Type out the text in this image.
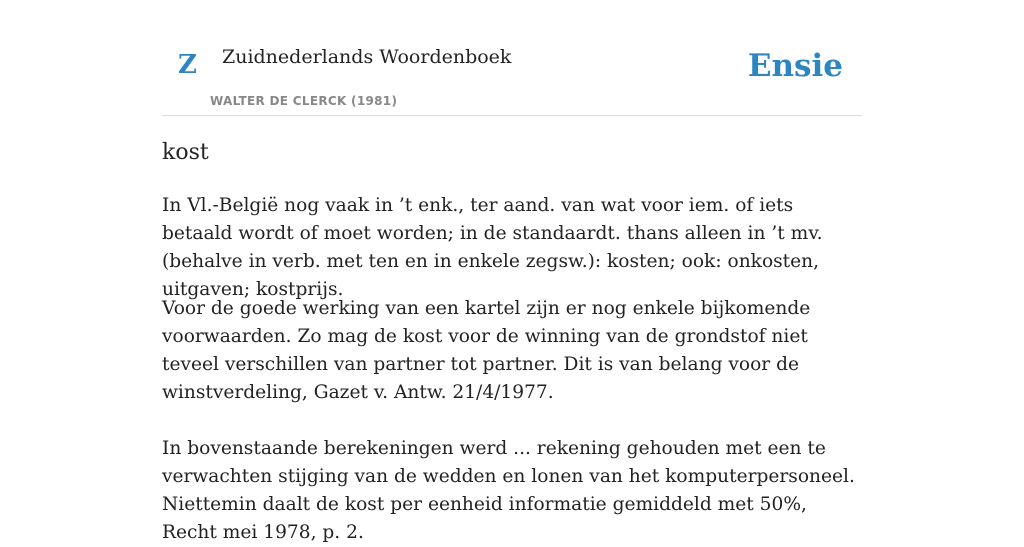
Z Zuidnederlands Woordenboek
WALTER DE CLERCK (1981)
Ensie
kost
In Vl.-België nog vaak in ’t enk., ter aand. van wat voor iem. of iets betaald wordt of moet worden; in de standaardt. thans alleen in ’t mv. (behalve in verb. met ten en in enkele zegsw.): kosten; ook: onkosten, uitgaven; kostprijs.
Voor de goede werking van een kartel zijn er nog enkele bijkomende voorwaarden. Zo mag de kost voor de winning van de grondstof niet teveel verschillen van partner tot partner. Dit is van belang voor de winstverdeling, Gazet v. Antw. 21/4/1977.
In bovenstaande berekeningen werd ... rekening gehouden met een te verwachten stijging van de wedden en lonen van het komputerpersoneel. Niettemin daalt de kost per eenheid informatie gemiddeld met 50%, Recht mei 1978, p. 2.
